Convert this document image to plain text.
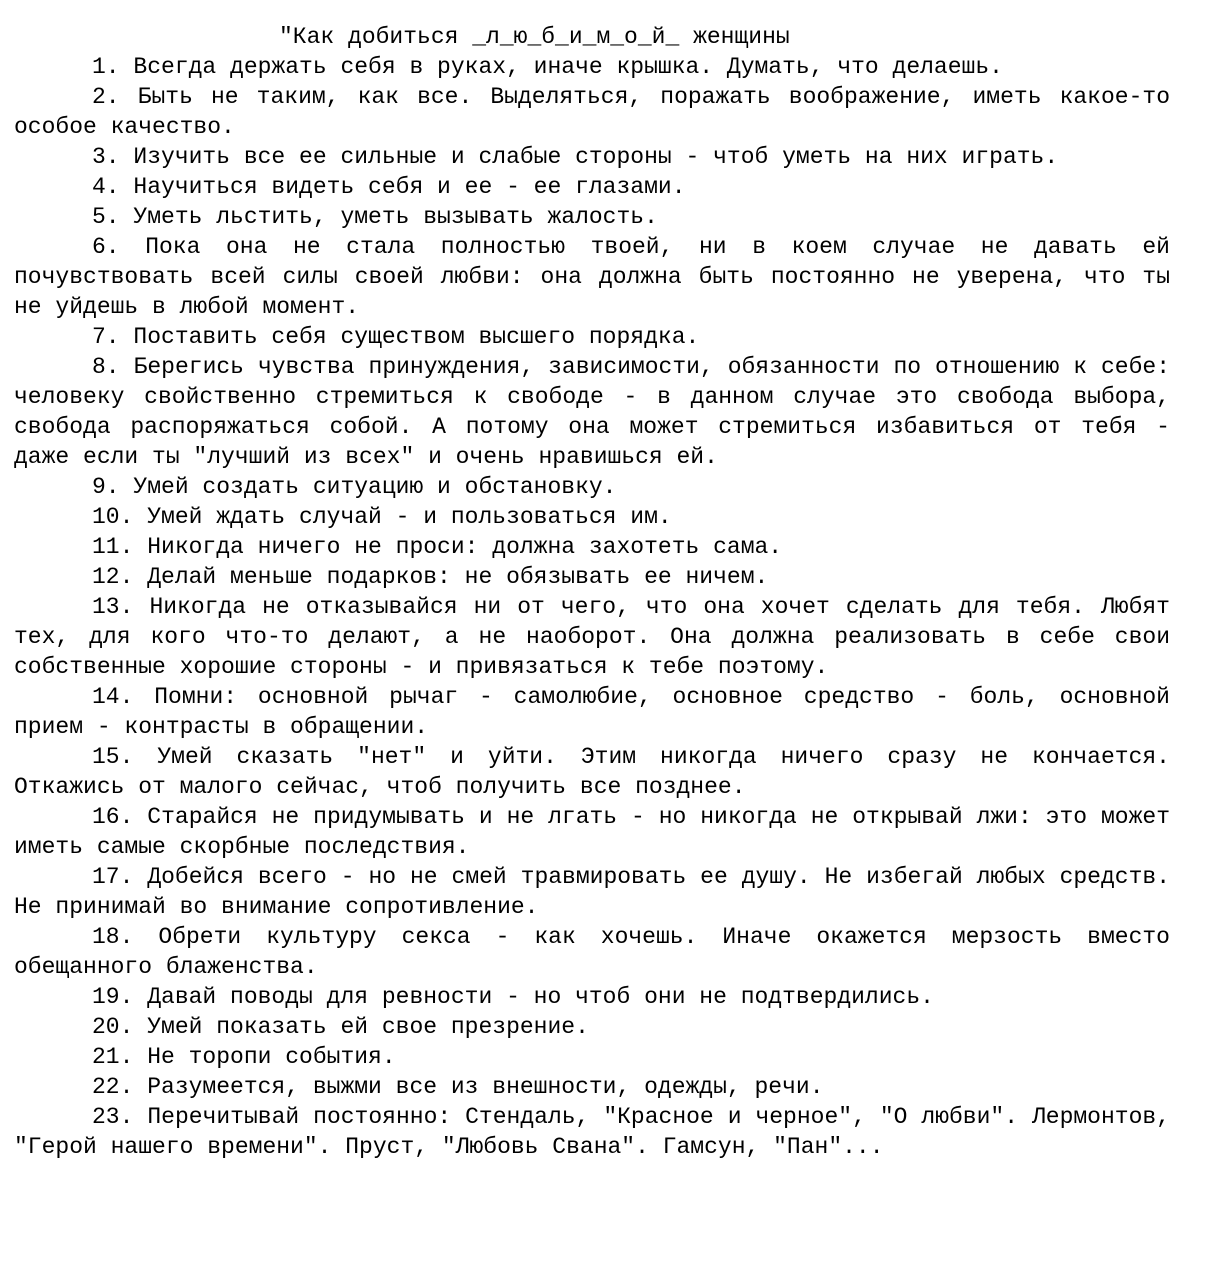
"Как добиться _л_ю_б_и_м_о_й_ женщины
1. Всегда держать себя в руках, иначе крышка. Думать, что делаешь.
2. Быть не таким, как все. Выделяться, поражать воображение, иметь какое-то особое качество.
3. Изучить все ее сильные и слабые стороны - чтоб уметь на них играть.
4. Научиться видеть себя и ее - ее глазами.
5. Уметь льстить, уметь вызывать жалость.
6. Пока она не стала полностью твоей, ни в коем случае не давать ей почувствовать всей силы своей любви: она должна быть постоянно не уверена, что ты не уйдешь в любой момент.
7. Поставить себя существом высшего порядка.
8. Берегись чувства принуждения, зависимости, обязанности по отношению к себе: человеку свойственно стремиться к свободе - в данном случае это свобода выбора, свобода распоряжаться собой. А потому она может стремиться избавиться от тебя - даже если ты "лучший из всех" и очень нравишься ей.
9. Умей создать ситуацию и обстановку.
10. Умей ждать случай - и пользоваться им.
11. Никогда ничего не проси: должна захотеть сама.
12. Делай меньше подарков: не обязывать ее ничем.
13. Никогда не отказывайся ни от чего, что она хочет сделать для тебя. Любят тех, для кого что-то делают, а не наоборот. Она должна реализовать в себе свои собственные хорошие стороны - и привязаться к тебе поэтому.
14. Помни: основной рычаг - самолюбие, основное средство - боль, основной прием - контрасты в обращении.
15. Умей сказать "нет" и уйти. Этим никогда ничего сразу не кончается. Откажись от малого сейчас, чтоб получить все позднее.
16. Старайся не придумывать и не лгать - но никогда не открывай лжи: это может иметь самые скорбные последствия.
17. Добейся всего - но не смей травмировать ее душу. Не избегай любых средств. Не принимай во внимание сопротивление.
18. Обрети культуру секса - как хочешь. Иначе окажется мерзость вместо обещанного блаженства.
19. Давай поводы для ревности - но чтоб они не подтвердились.
20. Умей показать ей свое презрение.
21. Не торопи события.
22. Разумеется, выжми все из внешности, одежды, речи.
23. Перечитывай постоянно: Стендаль, "Красное и черное", "О любви". Лермонтов, "Герой нашего времени". Пруст, "Любовь Свана". Гамсун, "Пан"...
